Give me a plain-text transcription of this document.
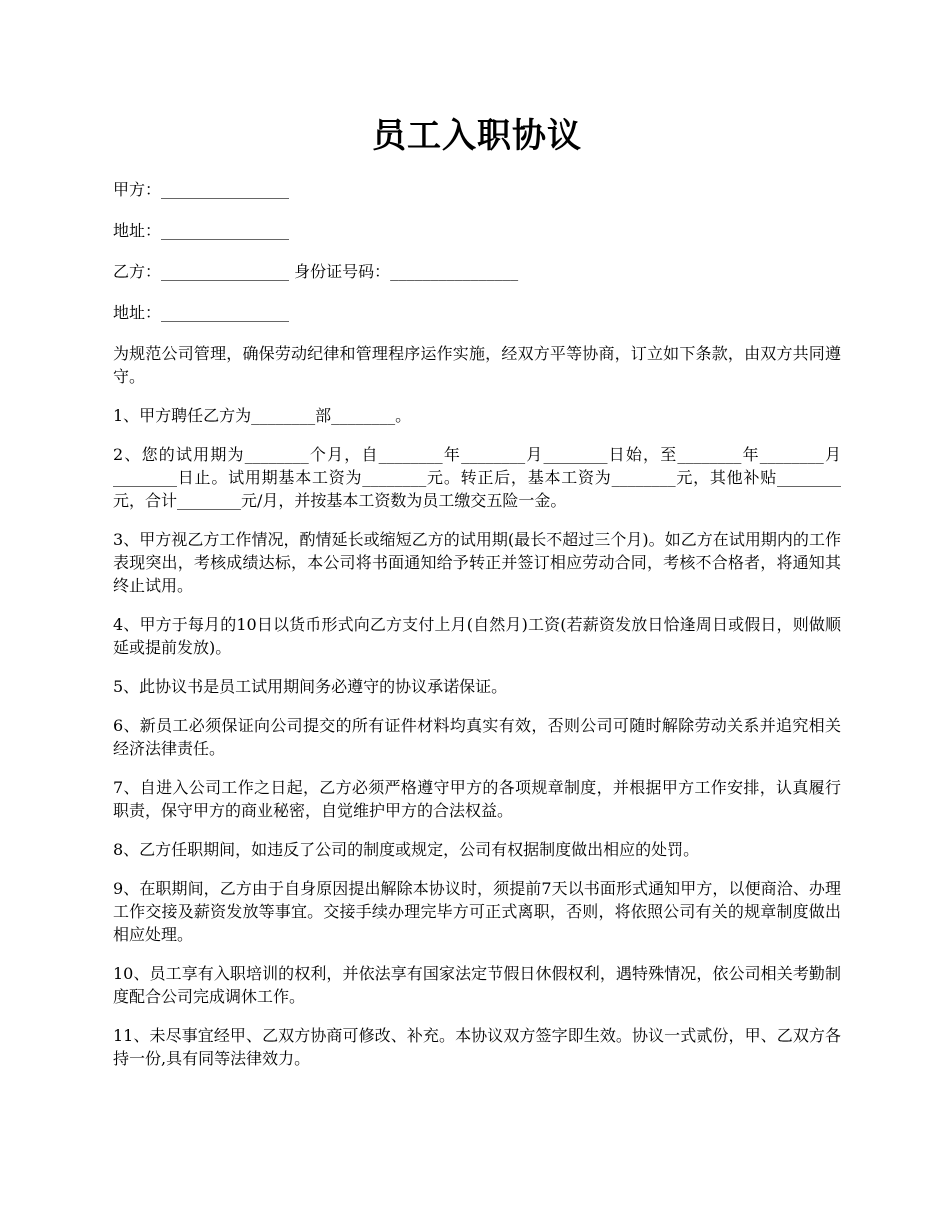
员工入职协议
甲方：________________
地址：________________
乙方：________________ 身份证号码：________________
地址：________________

为规范公司管理，确保劳动纪律和管理程序运作实施，经双方平等协商，订立如下条款，由双方共同遵守。

1、甲方聘任乙方为________部________。

2、您的试用期为________个月，自________年________月________日始，至________年________月________日止。试用期基本工资为________元。转正后，基本工资为________元，其他补贴________元，合计________元/月，并按基本工资数为员工缴交五险一金。

3、甲方视乙方工作情况，酌情延长或缩短乙方的试用期(最长不超过三个月)。如乙方在试用期内的工作表现突出，考核成绩达标，本公司将书面通知给予转正并签订相应劳动合同，考核不合格者，将通知其终止试用。

4、甲方于每月的10日以货币形式向乙方支付上月(自然月)工资(若薪资发放日恰逢周日或假日，则做顺延或提前发放)。

5、此协议书是员工试用期间务必遵守的协议承诺保证。

6、新员工必须保证向公司提交的所有证件材料均真实有效，否则公司可随时解除劳动关系并追究相关经济法律责任。

7、自进入公司工作之日起，乙方必须严格遵守甲方的各项规章制度，并根据甲方工作安排，认真履行职责，保守甲方的商业秘密，自觉维护甲方的合法权益。

8、乙方任职期间，如违反了公司的制度或规定，公司有权据制度做出相应的处罚。

9、在职期间，乙方由于自身原因提出解除本协议时，须提前7天以书面形式通知甲方，以便商洽、办理工作交接及薪资发放等事宜。交接手续办理完毕方可正式离职，否则，将依照公司有关的规章制度做出相应处理。

10、员工享有入职培训的权利，并依法享有国家法定节假日休假权利，遇特殊情况，依公司相关考勤制度配合公司完成调休工作。

11、未尽事宜经甲、乙双方协商可修改、补充。本协议双方签字即生效。协议一式贰份，甲、乙双方各持一份,具有同等法律效力。
